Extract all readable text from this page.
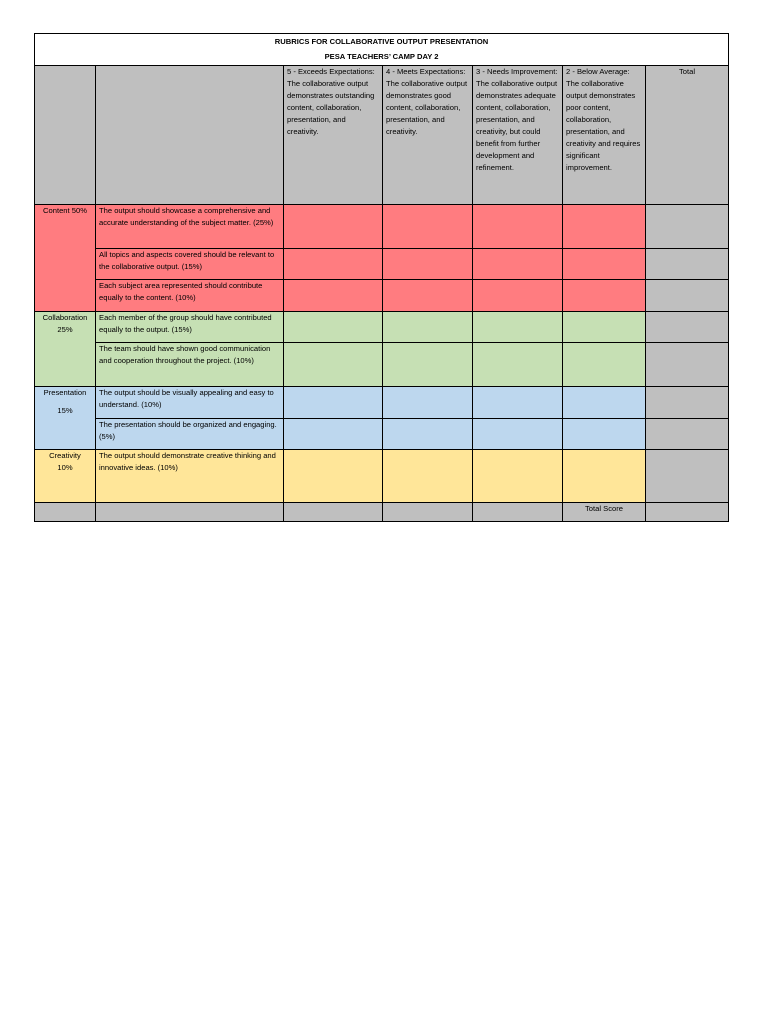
RUBRICS FOR COLLABORATIVE OUTPUT PRESENTATION
PESA TEACHERS’ CAMP DAY 2						

		5 - Exceeds Expectations: The collaborative output demonstrates outstanding content, collaboration, presentation, and creativity.	4 - Meets Expectations: The collaborative output demonstrates good content, collaboration, presentation, and creativity.	3 - Needs Improvement: The collaborative output demonstrates adequate content, collaboration, presentation, and creativity, but could benefit from further development and refinement.	2 - Below Average: The collaborative output demonstrates poor content, collaboration, presentation, and creativity and requires significant improvement.	Total
Content 50%	The output should showcase a comprehensive and accurate understanding of the subject matter. (25%)					
	All topics and aspects covered should be relevant to the collaborative output. (15%)					
	Each subject area represented should contribute equally to the content. (10%)					

Collaboration
25%	Each member of the group should have contributed equally to the output. (15%)					
	The team should have shown good communication and cooperation throughout the project. (10%)					

Presentation
15%	The output should be visually appealing and easy to understand. (10%)					
	The presentation should be organized and engaging. (5%)					

Creativity
10%	The output should demonstrate creative thinking and innovative ideas. (10%)					
					Total Score	
